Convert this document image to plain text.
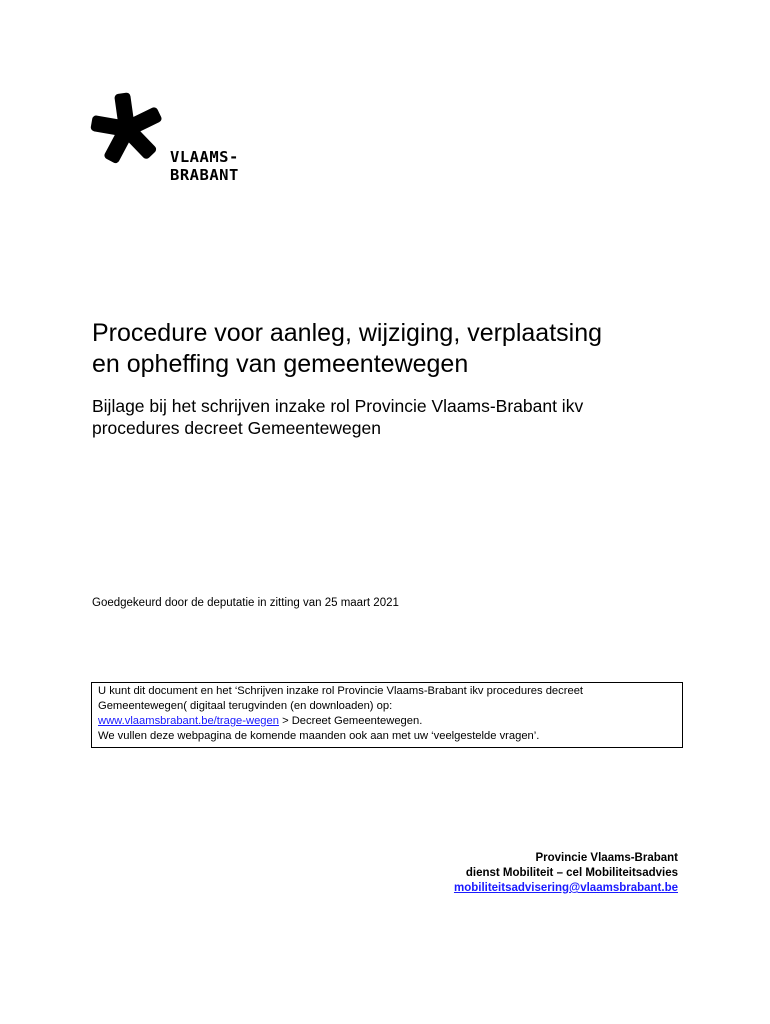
VLAAMS-
BRABANT
Procedure voor aanleg, wijziging, verplaatsing
en opheffing van gemeentewegen
Bijlage bij het schrijven inzake rol Provincie Vlaams-Brabant ikv
procedures decreet Gemeentewegen
Goedgekeurd door de deputatie in zitting van 25 maart 2021
U kunt dit document en het ‘Schrijven inzake rol Provincie Vlaams-Brabant ikv procedures decreet
Gemeentewegen( digitaal terugvinden (en downloaden) op:
www.vlaamsbrabant.be/trage-wegen > Decreet Gemeentewegen.
We vullen deze webpagina de komende maanden ook aan met uw ‘veelgestelde vragen’.
Provincie Vlaams-Brabant
dienst Mobiliteit – cel Mobiliteitsadvies
mobiliteitsadvisering@vlaamsbrabant.be
